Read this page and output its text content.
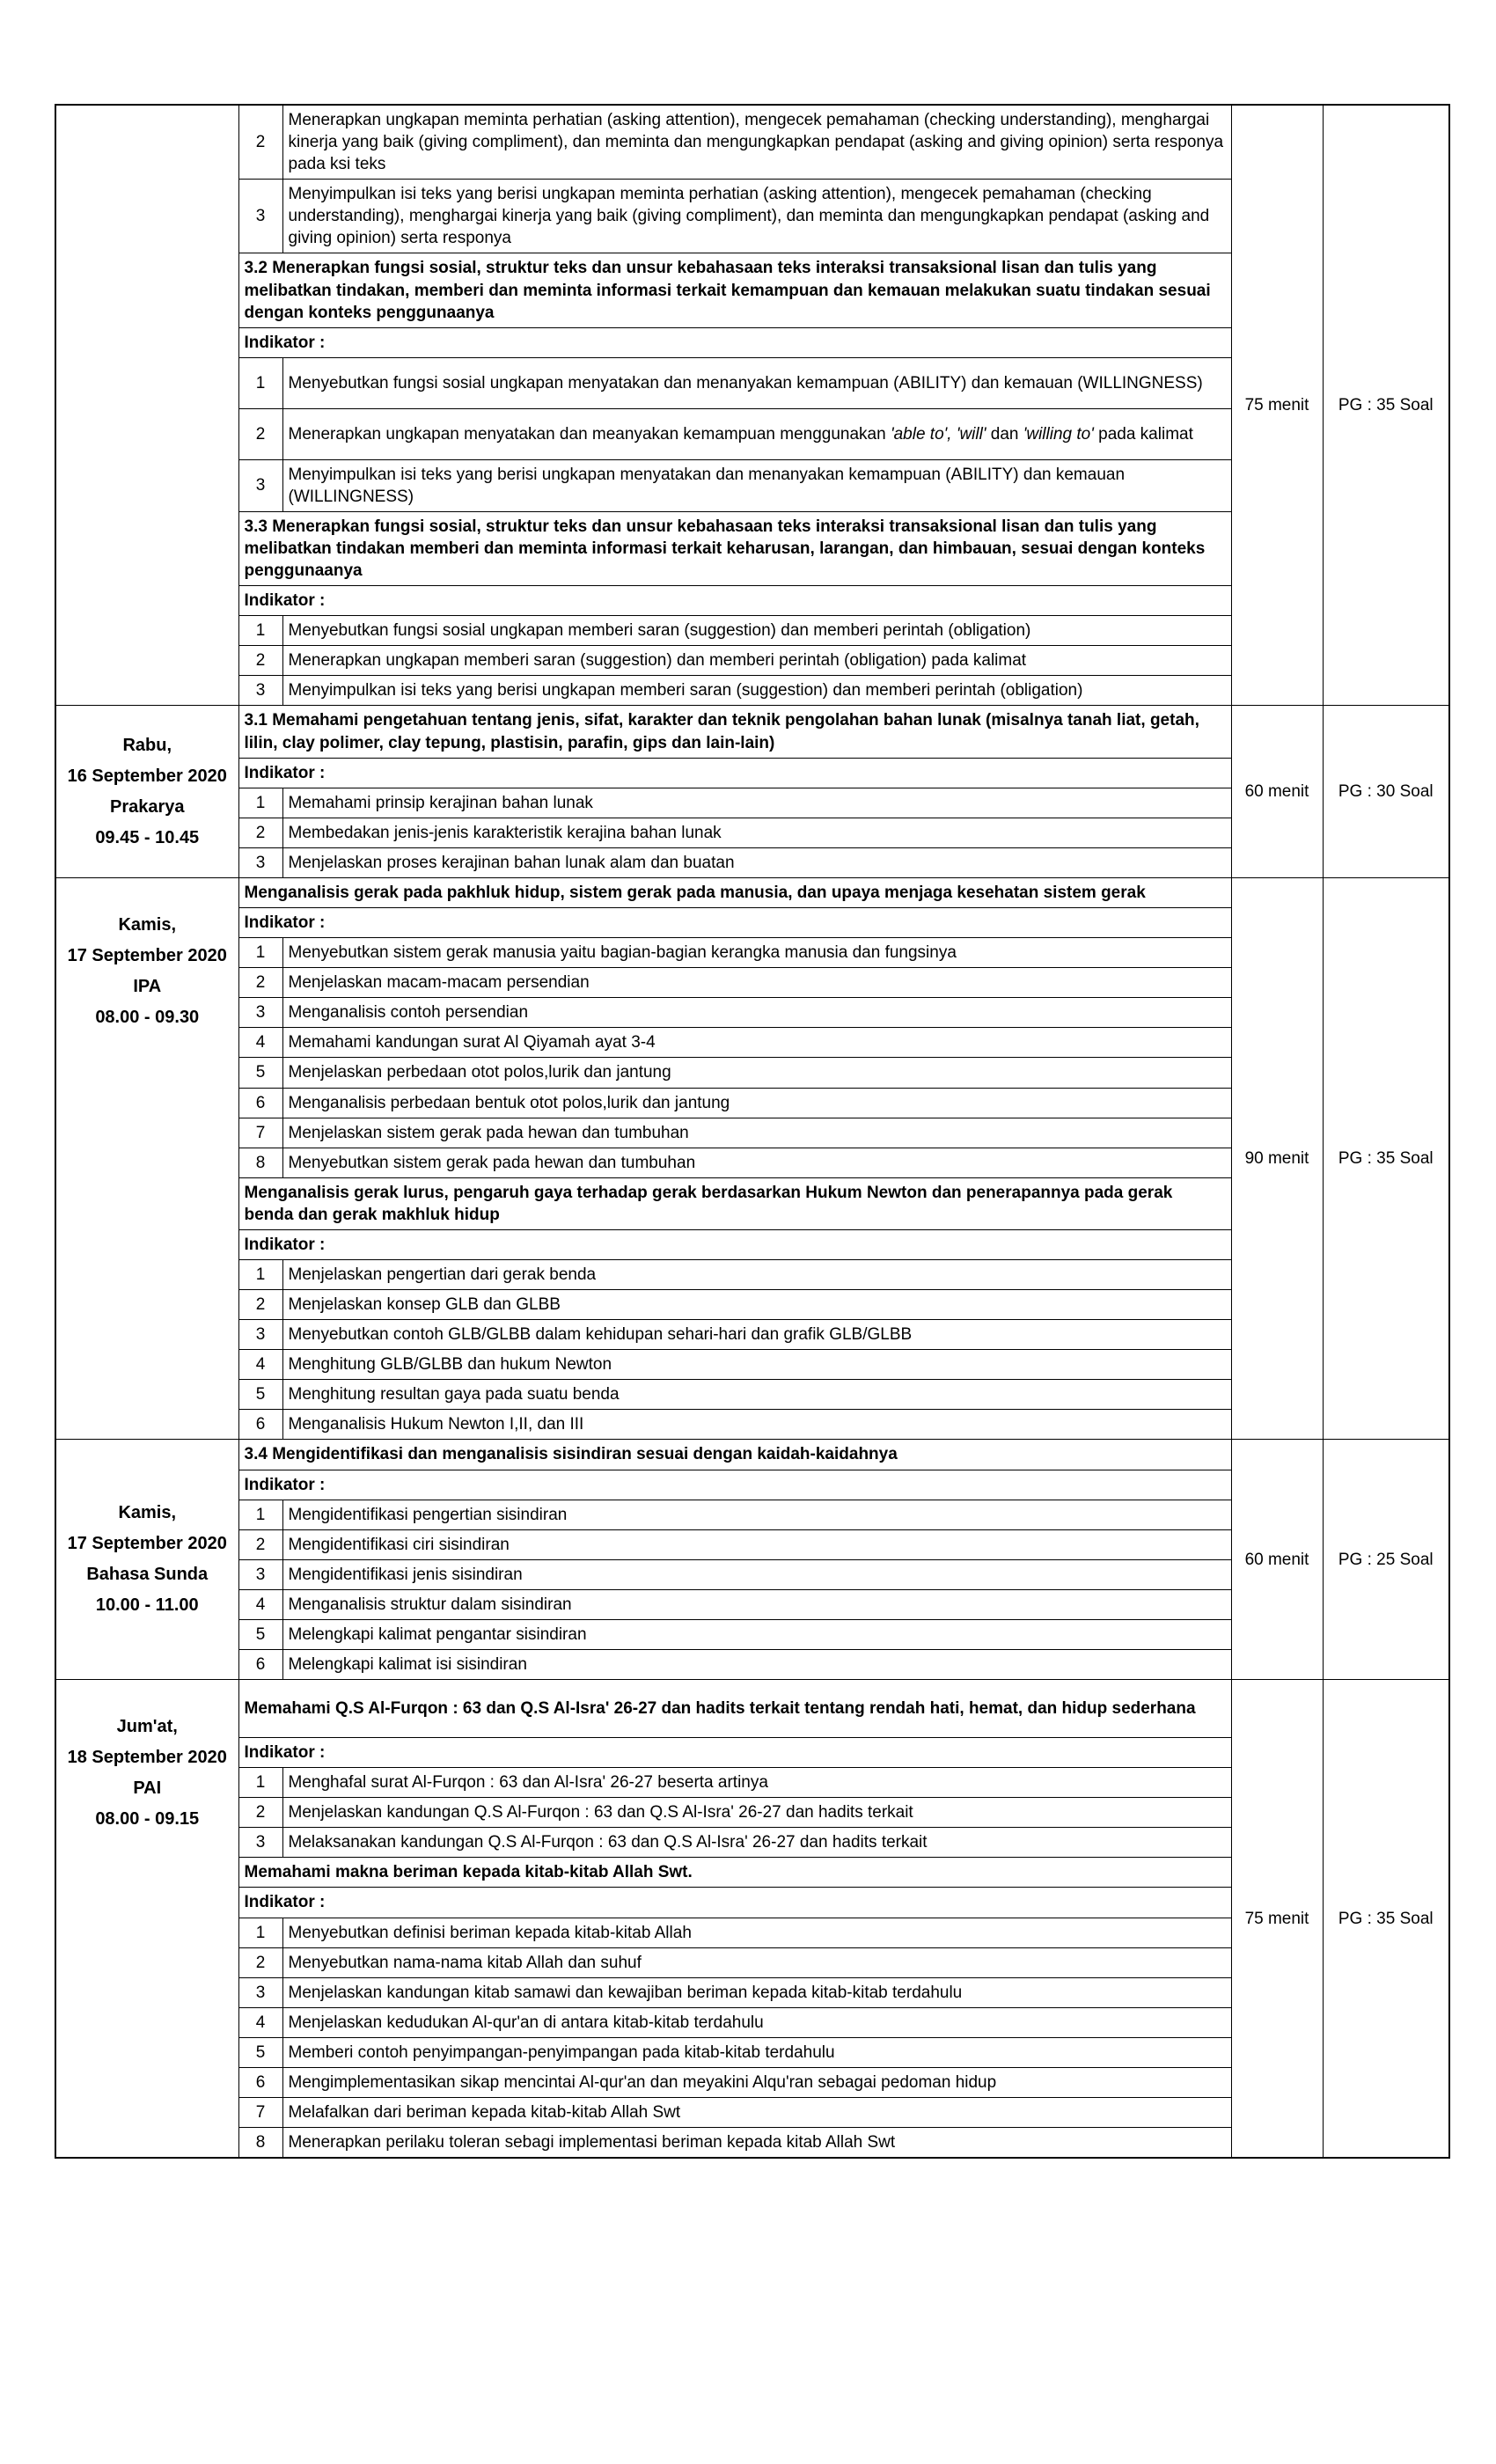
	2	Menerapkan ungkapan meminta perhatian (asking attention), mengecek pemahaman (checking understanding), menghargai kinerja yang baik (giving compliment), dan meminta dan mengungkapkan pendapat (asking and giving opinion) serta responya pada ksi teks	75 menit	PG : 35 Soal
	3	Menyimpulkan isi teks yang berisi ungkapan meminta perhatian (asking attention), mengecek pemahaman (checking understanding), menghargai kinerja yang baik (giving compliment), dan meminta dan mengungkapkan pendapat (asking and giving opinion) serta responya		
	3.2 Menerapkan fungsi sosial, struktur teks dan unsur kebahasaan teks interaksi transaksional lisan dan tulis yang melibatkan tindakan, memberi dan meminta informasi terkait kemampuan dan kemauan melakukan suatu tindakan sesuai dengan konteks penggunaanya			
	Indikator :			
	1	Menyebutkan fungsi sosial ungkapan menyatakan dan menanyakan kemampuan (ABILITY) dan kemauan (WILLINGNESS)		
	2	Menerapkan ungkapan menyatakan dan meanyakan kemampuan menggunakan 'able to', 'will' dan 'willing to' pada kalimat		
	3	Menyimpulkan isi teks yang berisi ungkapan menyatakan dan menanyakan kemampuan (ABILITY) dan kemauan (WILLINGNESS)		
	3.3 Menerapkan fungsi sosial, struktur teks dan unsur kebahasaan teks interaksi transaksional lisan dan tulis yang melibatkan tindakan memberi dan meminta informasi terkait keharusan, larangan, dan himbauan, sesuai dengan konteks penggunaanya			
	Indikator :			
	1	Menyebutkan fungsi sosial ungkapan memberi saran (suggestion) dan memberi perintah (obligation)		
	2	Menerapkan ungkapan memberi saran (suggestion) dan memberi perintah (obligation) pada kalimat		
	3	Menyimpulkan isi teks yang berisi ungkapan memberi saran (suggestion) dan memberi perintah (obligation)		

Rabu,
16 September 2020
Prakarya
09.45 - 10.45	3.1 Memahami pengetahuan tentang jenis, sifat, karakter dan teknik pengolahan bahan lunak (misalnya tanah liat, getah, lilin, clay polimer, clay tepung, plastisin, parafin, gips dan lain-lain)		60 menit	PG : 30 Soal
	Indikator :			
	1	Memahami prinsip kerajinan bahan lunak		
	2	Membedakan jenis-jenis karakteristik kerajina bahan lunak		
	3	Menjelaskan proses kerajinan bahan lunak alam dan buatan		

Kamis,
17 September 2020
IPA
08.00 - 09.30	Menganalisis gerak pada pakhluk hidup, sistem gerak pada manusia, dan upaya menjaga kesehatan sistem gerak		90 menit	PG : 35 Soal
	Indikator :			
	1	Menyebutkan sistem gerak manusia yaitu bagian-bagian kerangka manusia dan fungsinya		
	2	Menjelaskan macam-macam persendian		
	3	Menganalisis contoh persendian		
	4	Memahami kandungan surat Al Qiyamah ayat 3-4		
	5	Menjelaskan perbedaan otot polos,lurik dan jantung		
	6	Menganalisis perbedaan bentuk otot polos,lurik dan jantung		
	7	Menjelaskan sistem gerak pada hewan dan tumbuhan		
	8	Menyebutkan sistem gerak pada hewan dan tumbuhan		
	Menganalisis gerak lurus, pengaruh gaya terhadap gerak berdasarkan Hukum Newton dan penerapannya pada gerak benda dan gerak makhluk hidup			
	Indikator :			
	1	Menjelaskan pengertian dari gerak benda		
	2	Menjelaskan konsep GLB dan GLBB		
	3	Menyebutkan contoh GLB/GLBB dalam kehidupan sehari-hari dan grafik GLB/GLBB		
	4	Menghitung GLB/GLBB dan hukum Newton		
	5	Menghitung resultan gaya pada suatu benda		
	6	Menganalisis Hukum Newton I,II, dan III		

Kamis,
17 September 2020
Bahasa Sunda
10.00 - 11.00	3.4 Mengidentifikasi dan menganalisis sisindiran sesuai dengan kaidah-kaidahnya		60 menit	PG : 25 Soal
	Indikator :			
	1	Mengidentifikasi pengertian sisindiran		
	2	Mengidentifikasi ciri sisindiran		
	3	Mengidentifikasi jenis sisindiran		
	4	Menganalisis struktur dalam sisindiran		
	5	Melengkapi kalimat pengantar sisindiran		
	6	Melengkapi kalimat isi sisindiran		

Jum'at,
18 September 2020
PAI
08.00 - 09.15	Memahami Q.S Al-Furqon : 63 dan Q.S Al-Isra' 26-27 dan hadits terkait tentang rendah hati, hemat, dan hidup sederhana		75 menit	PG : 35 Soal
	Indikator :			
	1	Menghafal surat Al-Furqon : 63 dan Al-Isra' 26-27 beserta artinya		
	2	Menjelaskan kandungan Q.S Al-Furqon : 63 dan Q.S Al-Isra' 26-27 dan hadits terkait		
	3	Melaksanakan kandungan Q.S Al-Furqon : 63 dan Q.S Al-Isra' 26-27 dan hadits terkait		
	Memahami makna beriman kepada kitab-kitab Allah Swt.			
	Indikator :			
	1	Menyebutkan definisi beriman kepada kitab-kitab Allah		
	2	Menyebutkan nama-nama kitab Allah dan suhuf		
	3	Menjelaskan kandungan kitab samawi dan kewajiban beriman kepada kitab-kitab terdahulu		
	4	Menjelaskan kedudukan Al-qur'an di antara kitab-kitab terdahulu		
	5	Memberi contoh penyimpangan-penyimpangan pada kitab-kitab terdahulu		
	6	Mengimplementasikan sikap mencintai Al-qur'an dan meyakini Alqu'ran sebagai pedoman hidup		
	7	Melafalkan dari beriman kepada kitab-kitab Allah Swt		
	8	Menerapkan perilaku toleran sebagi implementasi beriman kepada kitab Allah Swt		
